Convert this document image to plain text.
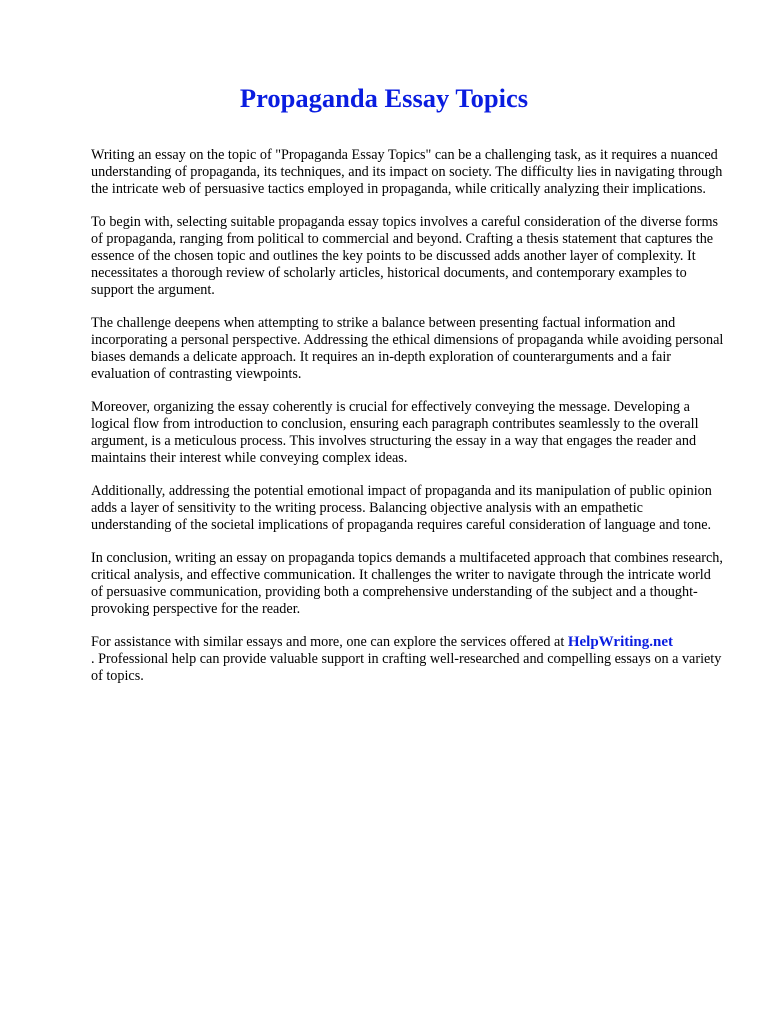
Propaganda Essay Topics

Writing an essay on the topic of "Propaganda Essay Topics" can be a challenging task, as it requires a nuanced understanding of propaganda, its techniques, and its impact on society. The difficulty lies in navigating through the intricate web of persuasive tactics employed in propaganda, while critically analyzing their implications.

To begin with, selecting suitable propaganda essay topics involves a careful consideration of the diverse forms of propaganda, ranging from political to commercial and beyond. Crafting a thesis statement that captures the essence of the chosen topic and outlines the key points to be discussed adds another layer of complexity. It necessitates a thorough review of scholarly articles, historical documents, and contemporary examples to support the argument.

The challenge deepens when attempting to strike a balance between presenting factual information and incorporating a personal perspective. Addressing the ethical dimensions of propaganda while avoiding personal biases demands a delicate approach. It requires an in-depth exploration of counterarguments and a fair evaluation of contrasting viewpoints.

Moreover, organizing the essay coherently is crucial for effectively conveying the message. Developing a logical flow from introduction to conclusion, ensuring each paragraph contributes seamlessly to the overall argument, is a meticulous process. This involves structuring the essay in a way that engages the reader and maintains their interest while conveying complex ideas.

Additionally, addressing the potential emotional impact of propaganda and its manipulation of public opinion adds a layer of sensitivity to the writing process. Balancing objective analysis with an empathetic understanding of the societal implications of propaganda requires careful consideration of language and tone.

In conclusion, writing an essay on propaganda topics demands a multifaceted approach that combines research, critical analysis, and effective communication. It challenges the writer to navigate through the intricate world of persuasive communication, providing both a comprehensive understanding of the subject and a thought-provoking perspective for the reader.

For assistance with similar essays and more, one can explore the services offered at HelpWriting.net
. Professional help can provide valuable support in crafting well-researched and compelling essays on a variety of topics.
